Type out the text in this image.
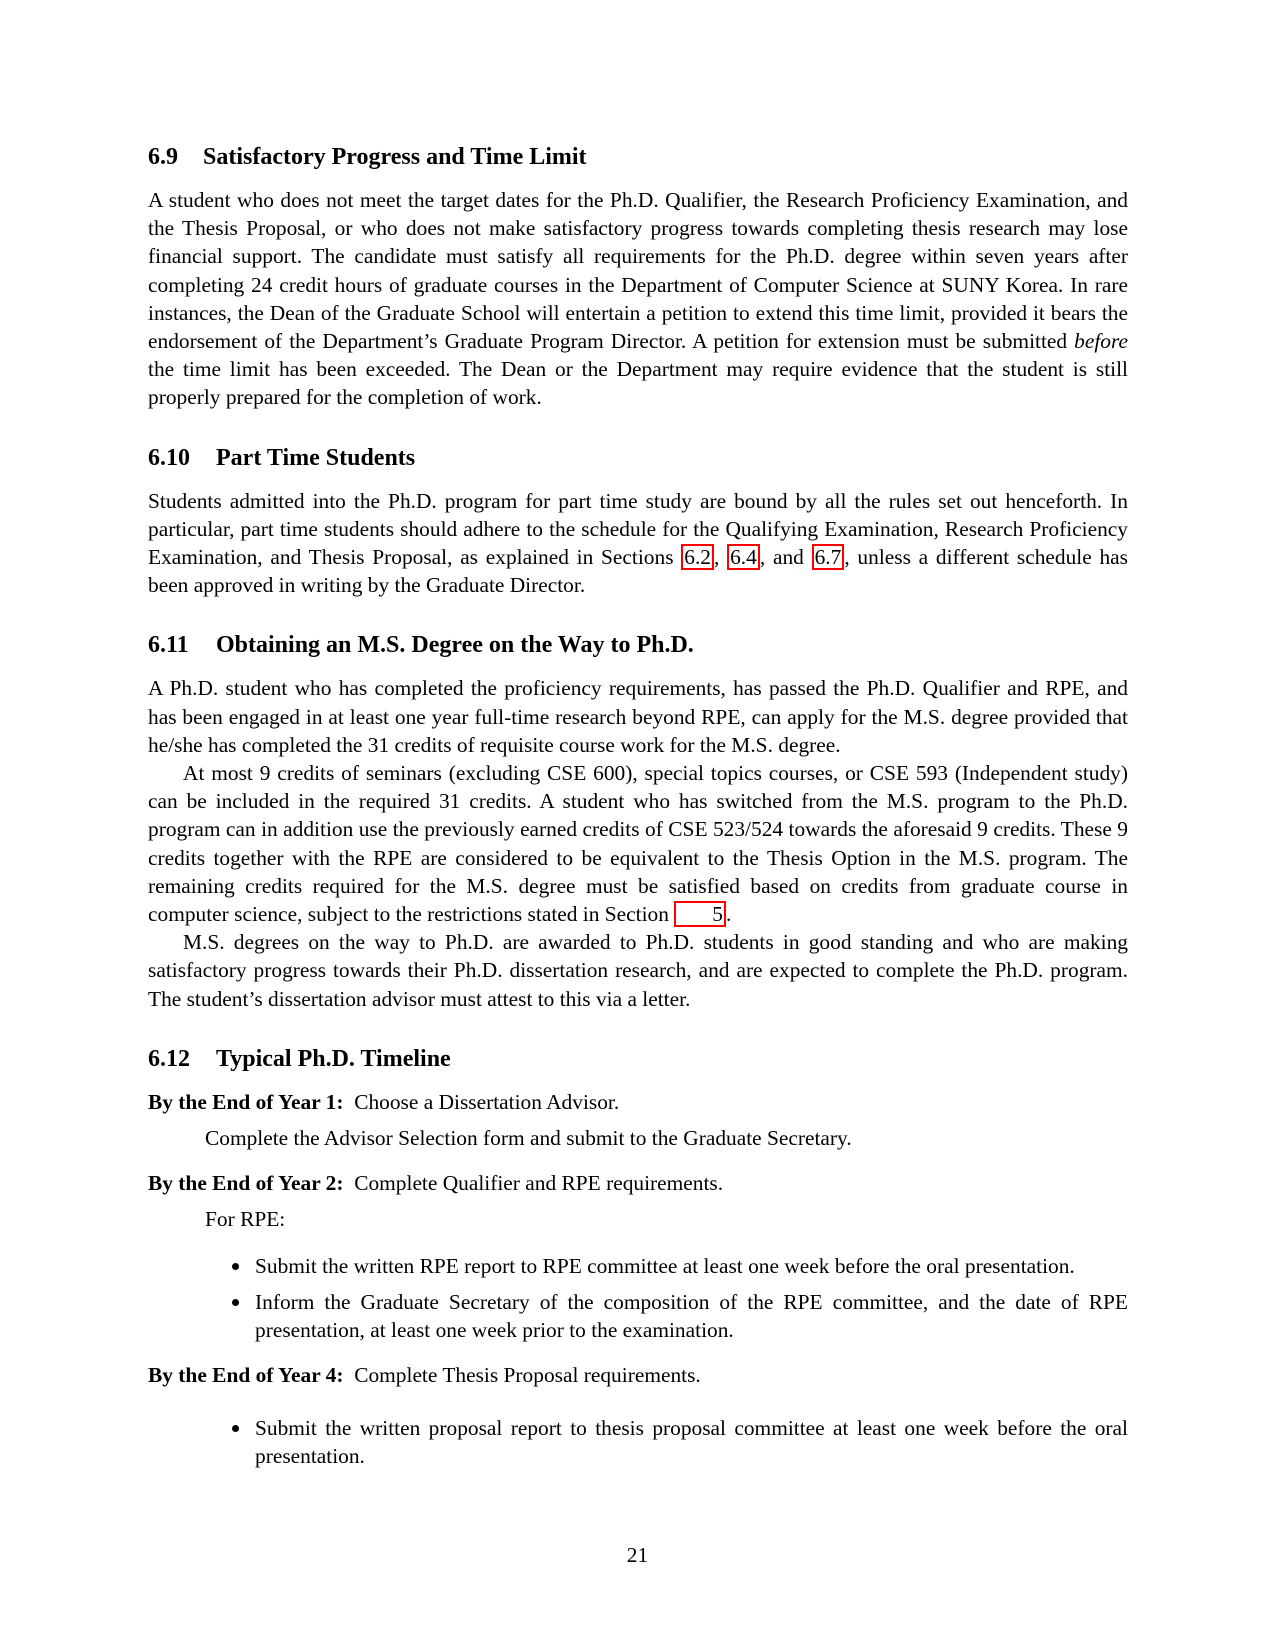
6.9 Satisfactory Progress and Time Limit

A student who does not meet the target dates for the Ph.D. Qualifier, the Research Proficiency Examination, and the Thesis Proposal, or who does not make satisfactory progress towards completing thesis research may lose financial support. The candidate must satisfy all requirements for the Ph.D. degree within seven years after completing 24 credit hours of graduate courses in the Department of Computer Science at SUNY Korea. In rare instances, the Dean of the Graduate School will entertain a petition to extend this time limit, provided it bears the endorsement of the Department’s Graduate Program Director. A petition for extension must be submitted before the time limit has been exceeded. The Dean or the Department may require evidence that the student is still properly prepared for the completion of work.

6.10 Part Time Students

Students admitted into the Ph.D. program for part time study are bound by all the rules set out henceforth. In particular, part time students should adhere to the schedule for the Qualifying Examination, Research Proficiency Examination, and Thesis Proposal, as explained in Sections 6.2 , 6.4 , and 6.7 , unless a different schedule has been approved in writing by the Graduate Director.

6.11 Obtaining an M.S. Degree on the Way to Ph.D.

A Ph.D. student who has completed the proficiency requirements, has passed the Ph.D. Qualifier and RPE, and has been engaged in at least one year full-time research beyond RPE, can apply for the M.S. degree provided that he/she has completed the 31 credits of requisite course work for the M.S. degree.

At most 9 credits of seminars (excluding CSE 600), special topics courses, or CSE 593 (Independent study) can be included in the required 31 credits. A student who has switched from the M.S. program to the Ph.D. program can in addition use the previously earned credits of CSE 523/524 towards the aforesaid 9 credits. These 9 credits together with the RPE are considered to be equivalent to the Thesis Option in the M.S. program. The remaining credits required for the M.S. degree must be satisfied based on credits from graduate course in computer science, subject to the restrictions stated in Section 5 .

M.S. degrees on the way to Ph.D. are awarded to Ph.D. students in good standing and who are making satisfactory progress towards their Ph.D. dissertation research, and are expected to complete the Ph.D. program. The student’s dissertation advisor must attest to this via a letter.

6.12 Typical Ph.D. Timeline

By the End of Year 1: Choose a Dissertation Advisor.

Complete the Advisor Selection form and submit to the Graduate Secretary.

By the End of Year 2: Complete Qualifier and RPE requirements.

For RPE:

Submit the written RPE report to RPE committee at least one week before the oral presentation.
Inform the Graduate Secretary of the composition of the RPE committee, and the date of RPE presentation, at least one week prior to the examination.

By the End of Year 4: Complete Thesis Proposal requirements.

Submit the written proposal report to thesis proposal committee at least one week before the oral presentation.
21
